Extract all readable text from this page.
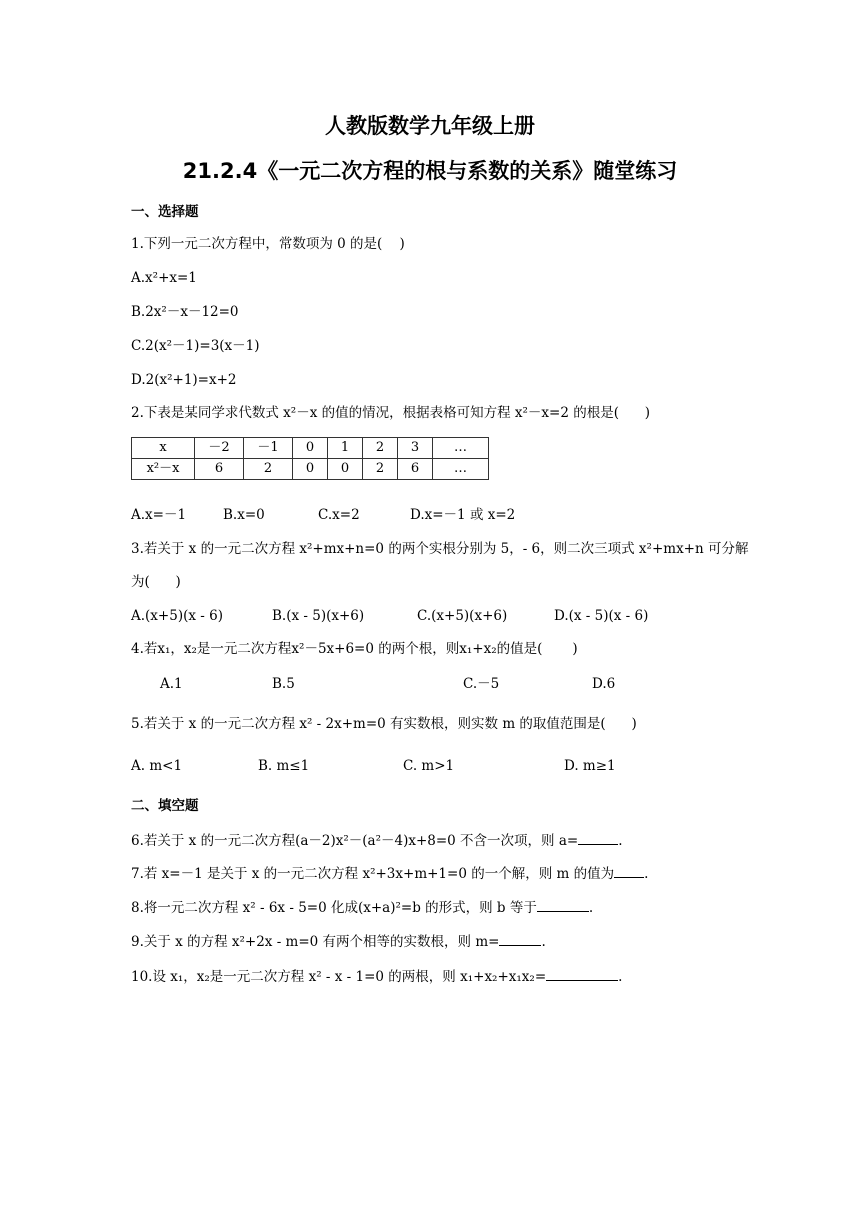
人教版数学九年级上册
21.2.4《一元二次方程的根与系数的关系》随堂练习
一、选择题
1.下列一元二次方程中，常数项为 0 的是(    )
A.x²+x=1
B.2x²－x－12=0
C.2(x²－1)=3(x－1)
D.2(x²+1)=x+2
2.下表是某同学求代数式 x²－x 的值的情况，根据表格可知方程 x²－x=2 的根是(      )
x	－2	－1	0	1	2	3	…
x²－x	6	2	0	0	2	6	…
A.x=－1	B.x=0	C.x=2	D.x=－1 或 x=2
3.若关于 x 的一元二次方程 x²+mx+n=0 的两个实根分别为 5，- 6，则二次三项式 x²+mx+n 可分解
为(      )
A.(x+5)(x - 6)	B.(x - 5)(x+6)	C.(x+5)(x+6)	D.(x - 5)(x - 6)
4.若x₁，x₂是一元二次方程x²－5x+6=0 的两个根，则x₁+x₂的值是(       )
A.1	B.5	C.－5	D.6
5.若关于 x 的一元二次方程 x² - 2x+m=0 有实数根，则实数 m 的取值范围是(      )
A. m<1	B. m≤1	C. m>1	D. m≥1
二、填空题
6.若关于 x 的一元二次方程(a－2)x²－(a²－4)x+8=0 不含一次项，则 a=	.
7.若 x=－1 是关于 x 的一元二次方程 x²+3x+m+1=0 的一个解，则 m 的值为 .
8.将一元二次方程 x² - 6x - 5=0 化成(x+a)²=b 的形式，则 b 等于	.
9.关于 x 的方程 x²+2x - m=0 有两个相等的实数根，则 m=	.
10.设 x₁，x₂是一元二次方程 x² - x - 1=0 的两根，则 x₁+x₂+x₁x₂=	.
